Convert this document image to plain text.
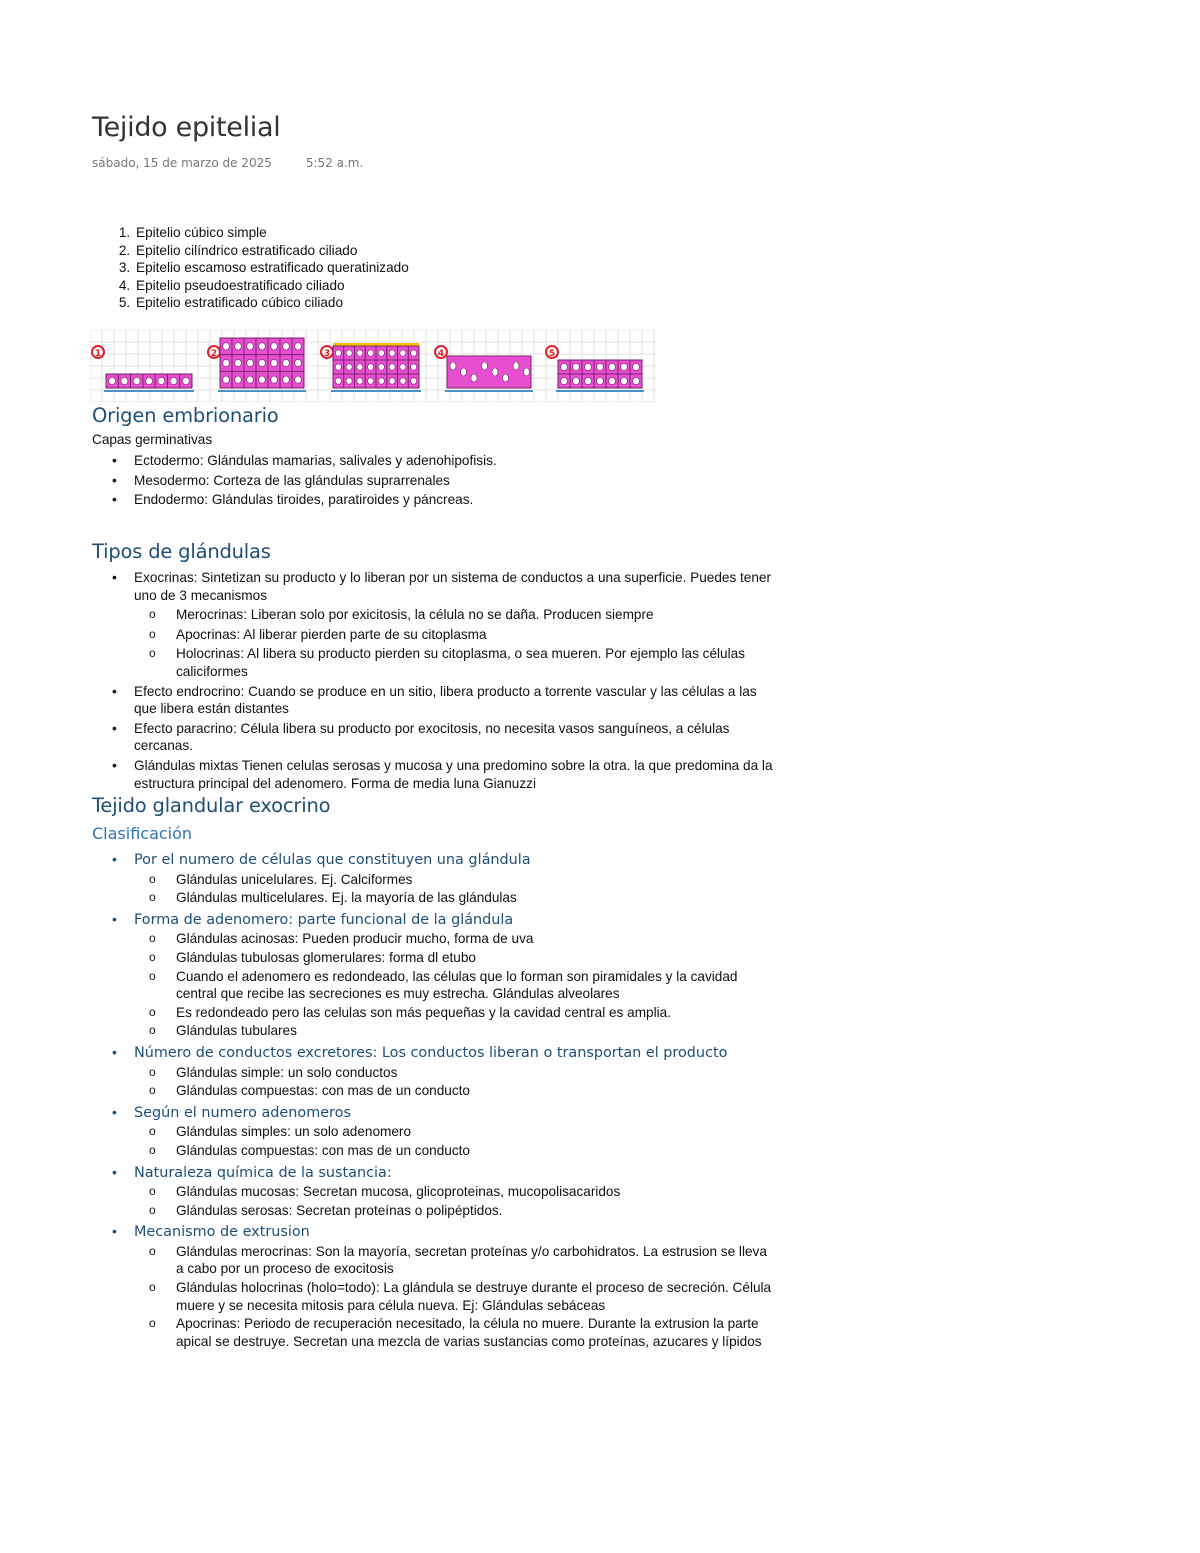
Tejido epitelial
sábado, 15 de marzo de 2025	5:52 a.m.
1. Epitelio cúbico simple
2. Epitelio cilíndrico estratificado ciliado
3. Epitelio escamoso estratificado queratinizado
4. Epitelio pseudoestratificado ciliado
5. Epitelio estratificado cúbico ciliado
1	2	3	4	5
Origen embrionario
Capas germinativas
• Ectodermo: Glándulas mamarias, salivales y adenohipofisis.
• Mesodermo: Corteza de las glándulas suprarrenales
• Endodermo: Glándulas tiroides, paratiroides y páncreas.
Tipos de glándulas
• Exocrinas: Sintetizan su producto y lo liberan por un sistema de conductos a una superficie. Puedes tener uno de 3 mecanismos
o Merocrinas: Liberan solo por exicitosis, la célula no se daña. Producen siempre
o Apocrinas: Al liberar pierden parte de su citoplasma
o Holocrinas: Al libera su producto pierden su citoplasma, o sea mueren. Por ejemplo las células caliciformes
• Efecto endrocrino: Cuando se produce en un sitio, libera producto a torrente vascular y las células a las que libera están distantes
• Efecto paracrino: Célula libera su producto por exocitosis, no necesita vasos sanguíneos, a células cercanas.
• Glándulas mixtas Tienen celulas serosas y mucosa y una predomino sobre la otra. la que predomina da la estructura principal del adenomero. Forma de media luna Gianuzzi
Tejido glandular exocrino
Clasificación
• Por el numero de células que constituyen una glándula
o Glándulas unicelulares. Ej. Calciformes
o Glándulas multicelulares. Ej. la mayoría de las glándulas
• Forma de adenomero: parte funcional de la glándula
o Glándulas acinosas: Pueden producir mucho, forma de uva
o Glándulas tubulosas glomerulares: forma dl etubo
o Cuando el adenomero es redondeado, las células que lo forman son piramidales y la cavidad central que recibe las secreciones es muy estrecha. Glándulas alveolares
o Es redondeado pero las celulas son más pequeñas y la cavidad central es amplia.
o Glándulas tubulares
• Número de conductos excretores: Los conductos liberan o transportan el producto
o Glándulas simple: un solo conductos
o Glándulas compuestas: con mas de un conducto
• Según el numero adenomeros
o Glándulas simples: un solo adenomero
o Glándulas compuestas: con mas de un conducto
• Naturaleza química de la sustancia:
o Glándulas mucosas: Secretan mucosa, glicoproteinas, mucopolisacaridos
o Glándulas serosas: Secretan proteínas o polipéptidos.
• Mecanismo de extrusion
o Glándulas merocrinas: Son la mayoría, secretan proteínas y/o carbohidratos. La estrusion se lleva a cabo por un proceso de exocitosis
o Glándulas holocrinas (holo=todo): La glándula se destruye durante el proceso de secreción. Célula muere y se necesita mitosis para célula nueva. Ej: Glándulas sebáceas
o Apocrinas: Periodo de recuperación necesitado, la célula no muere. Durante la extrusion la parte apical se destruye. Secretan una mezcla de varias sustancias como proteínas, azucares y lípidos
